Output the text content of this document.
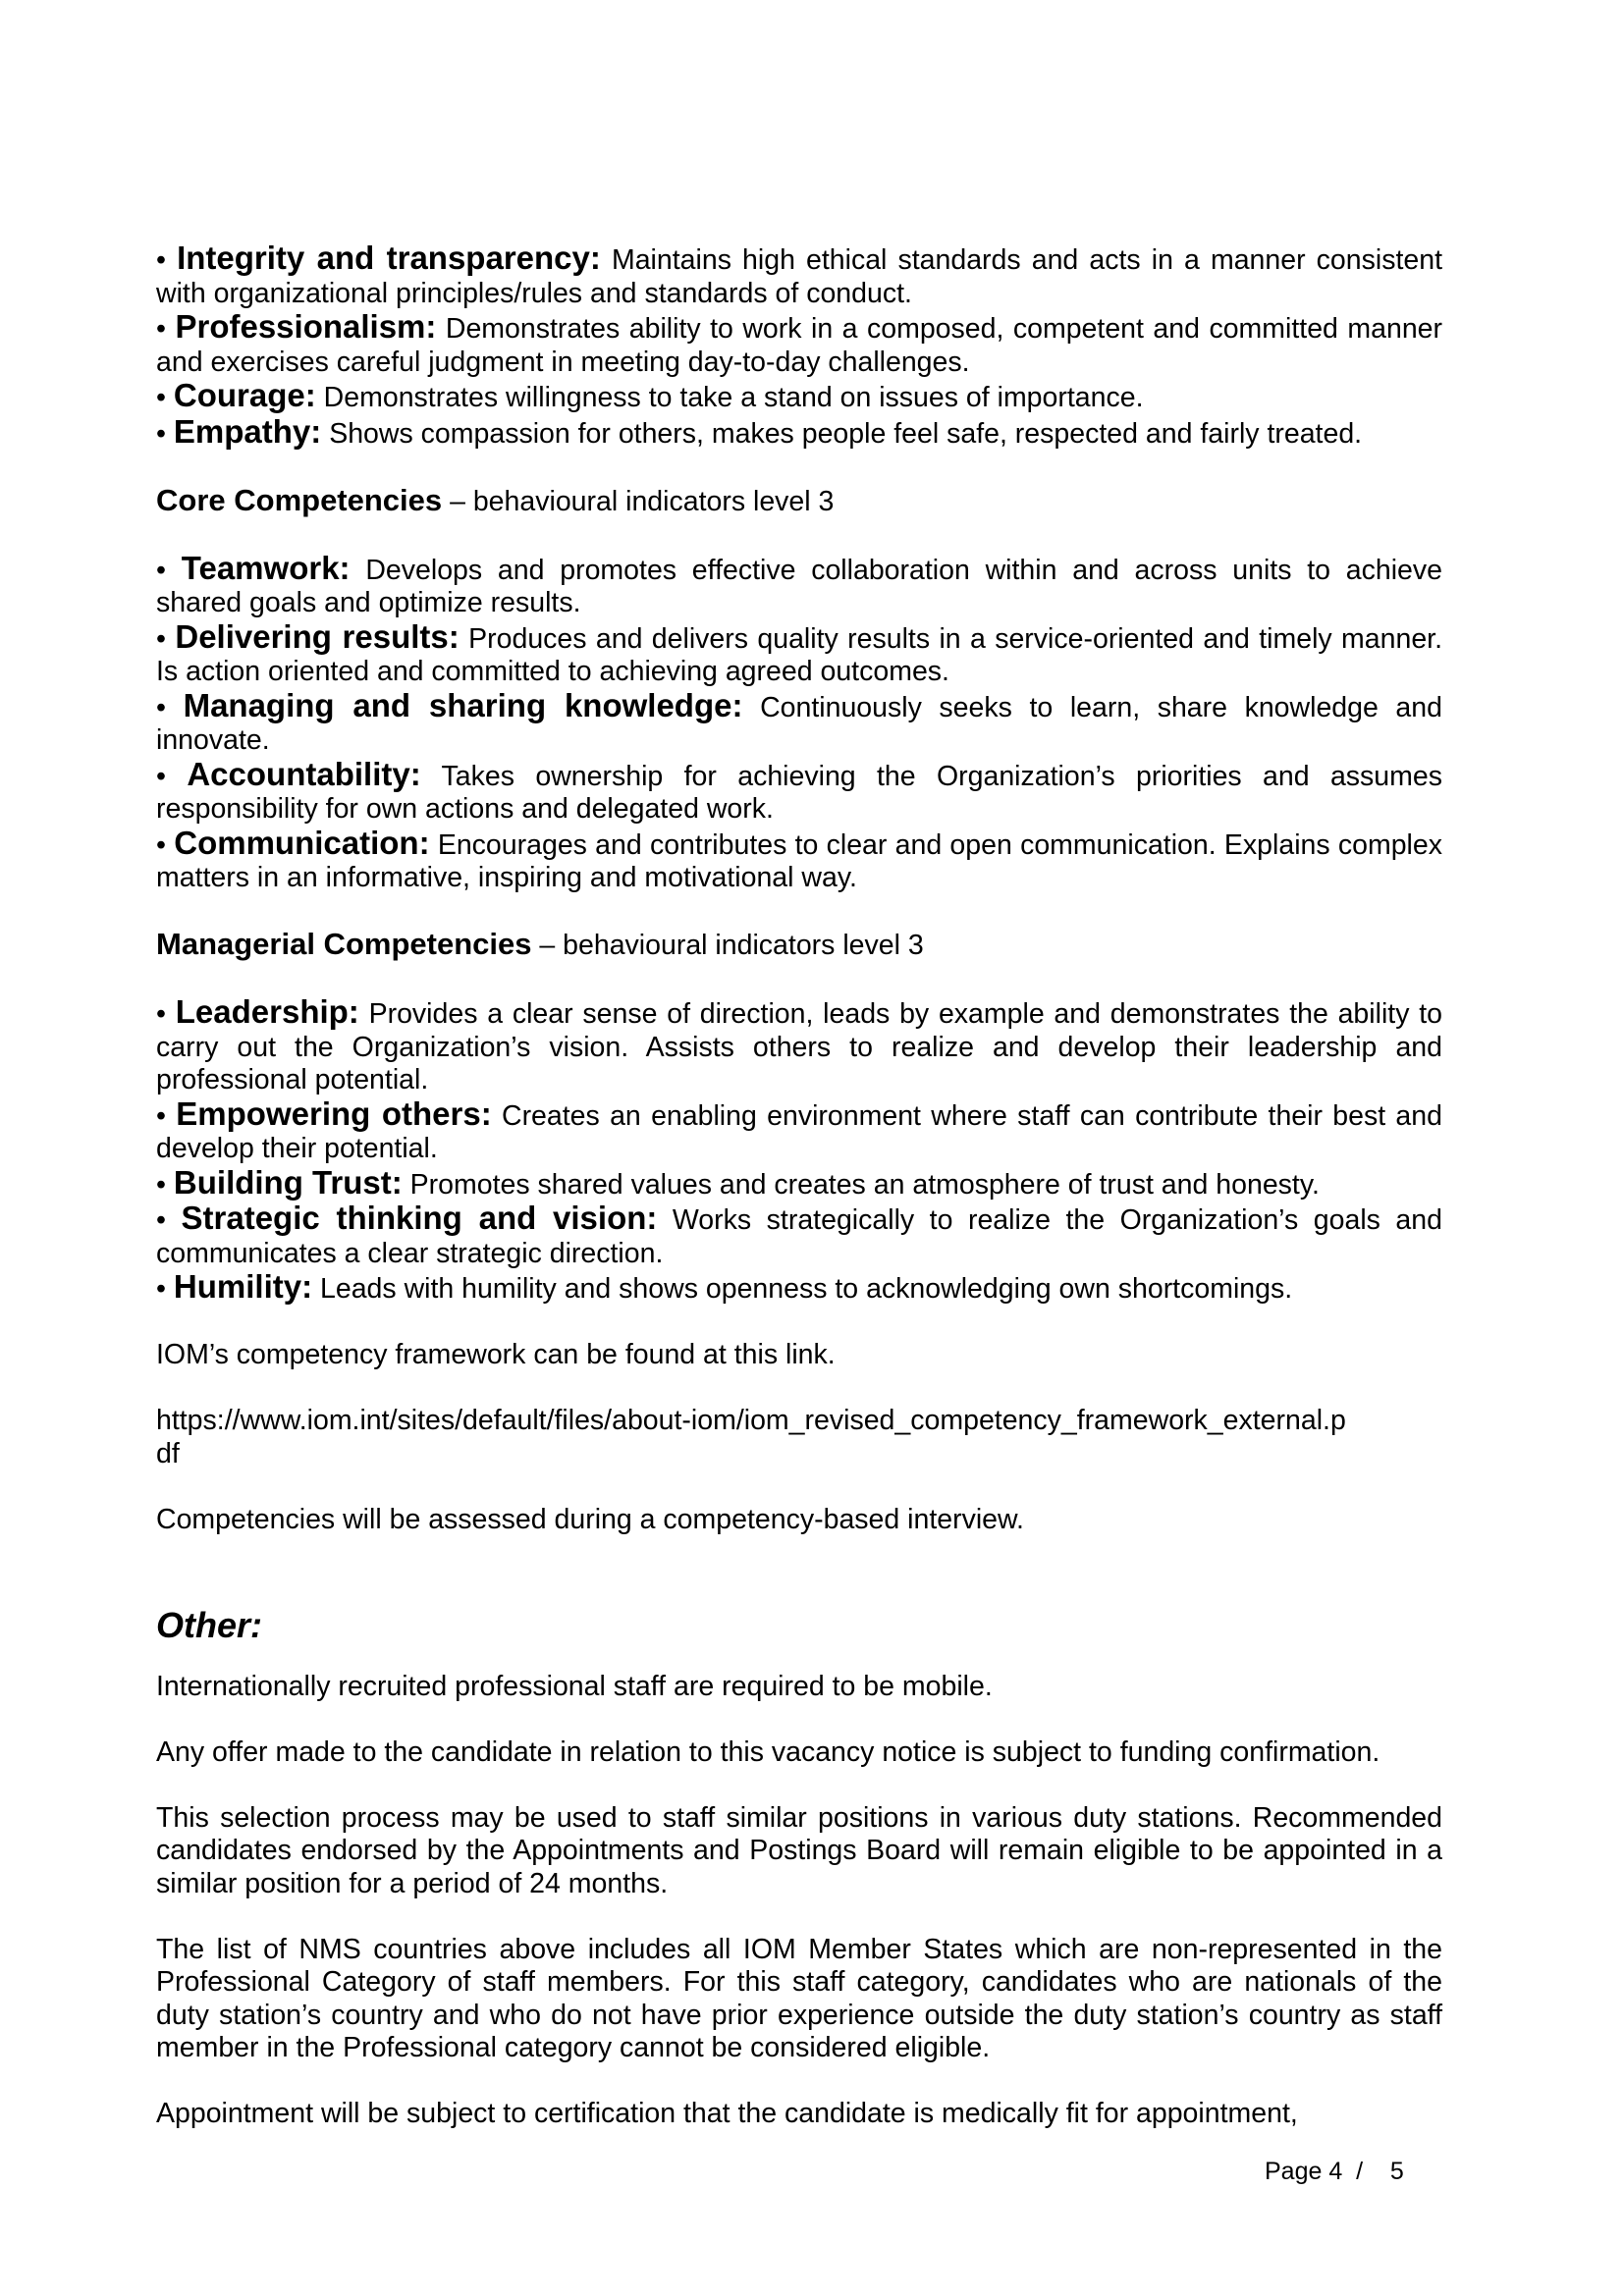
• Integrity and transparency: Maintains high ethical standards and acts in a manner consistent with organizational principles/rules and standards of conduct.

• Professionalism: Demonstrates ability to work in a composed, competent and committed manner and exercises careful judgment in meeting day-to-day challenges.

• Courage: Demonstrates willingness to take a stand on issues of importance.

• Empathy: Shows compassion for others, makes people feel safe, respected and fairly treated.

Core Competencies – behavioural indicators level 3

• Teamwork: Develops and promotes effective collaboration within and across units to achieve shared goals and optimize results.

• Delivering results: Produces and delivers quality results in a service-oriented and timely manner. Is action oriented and committed to achieving agreed outcomes.

• Managing and sharing knowledge: Continuously seeks to learn, share knowledge and innovate.

• Accountability: Takes ownership for achieving the Organization’s priorities and assumes responsibility for own actions and delegated work.

• Communication: Encourages and contributes to clear and open communication. Explains complex matters in an informative, inspiring and motivational way.

Managerial Competencies – behavioural indicators level 3

• Leadership: Provides a clear sense of direction, leads by example and demonstrates the ability to carry out the Organization’s vision. Assists others to realize and develop their leadership and professional potential.

• Empowering others: Creates an enabling environment where staff can contribute their best and develop their potential.

• Building Trust: Promotes shared values and creates an atmosphere of trust and honesty.

• Strategic thinking and vision: Works strategically to realize the Organization’s goals and communicates a clear strategic direction.

• Humility: Leads with humility and shows openness to acknowledging own shortcomings.

IOM’s competency framework can be found at this link.

https://www.iom.int/sites/default/files/about-iom/iom_revised_competency_framework_external.p
df

Competencies will be assessed during a competency-based interview.

Other:

Internationally recruited professional staff are required to be mobile.

Any offer made to the candidate in relation to this vacancy notice is subject to funding confirmation.

This selection process may be used to staff similar positions in various duty stations. Recommended candidates endorsed by the Appointments and Postings Board will remain eligible to be appointed in a similar position for a period of 24 months.

The list of NMS countries above includes all IOM Member States which are non-represented in the Professional Category of staff members. For this staff category, candidates who are nationals of the duty station’s country and who do not have prior experience outside the duty station’s country as staff member in the Professional category cannot be considered eligible.

Appointment will be subject to certification that the candidate is medically fit for appointment,

Page 4  /    5
